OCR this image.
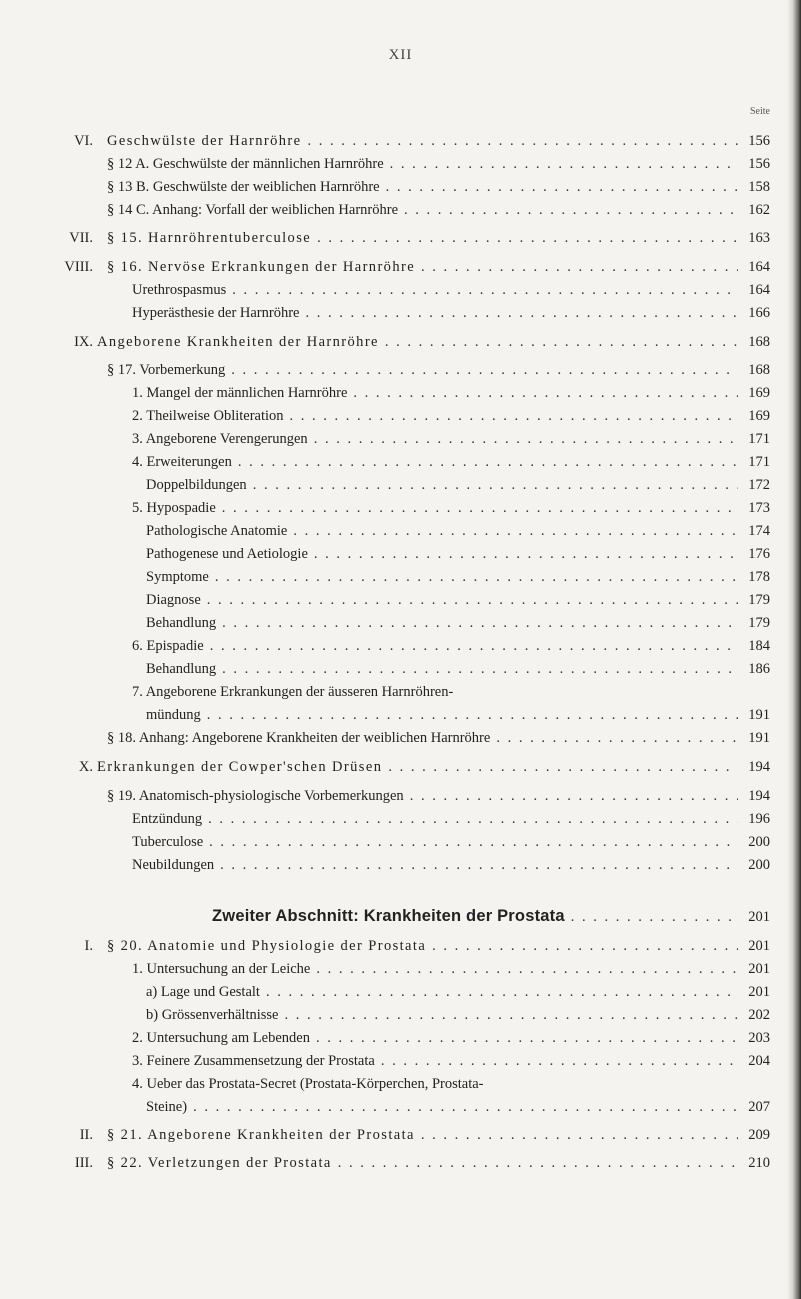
XII
Seite
VI. Geschwülste der Harnröhre . . .	156
§ 12 A. Geschwülste der männlichen Harnröhre . . .	156
§ 13 B. Geschwülste der weiblichen Harnröhre . . .	158
§ 14 C. Anhang: Vorfall der weiblichen Harnröhre . . .	162
VII. § 15. Harnröhrentuberculose . . .	163
VIII. § 16. Nervöse Erkrankungen der Harnröhre . . .	164
Urethrospasmus . . .	164
Hyperästhesie der Harnröhre . . .	166
IX. Angeborene Krankheiten der Harnröhre . . .	168
§ 17. Vorbemerkung . . .	168
1. Mangel der männlichen Harnröhre . . .	169
2. Theilweise Obliteration . . .	169
3. Angeborene Verengerungen . . .	171
4. Erweiterungen . . .	171
Doppelbildungen . . .	172
5. Hypospadie . . .	173
Pathologische Anatomie . . .	174
Pathogenese und Aetiologie . . .	176
Symptome . . .	178
Diagnose . . .	179
Behandlung . . .	179
6. Epispadie . . .	184
Behandlung . . .	186
7. Angeborene Erkrankungen der äusseren Harnröhren-
mündung . . .	191
§ 18. Anhang: Angeborene Krankheiten der weiblichen Harnröhre . . .	191
X. Erkrankungen der Cowper'schen Drüsen . . .	194
§ 19. Anatomisch-physiologische Vorbemerkungen . . .	194
Entzündung . . .	196
Tuberculose . . .	200
Neubildungen . . .	200
Zweiter Abschnitt: Krankheiten der Prostata . . .	201
I. § 20. Anatomie und Physiologie der Prostata . . .	201
1. Untersuchung an der Leiche . . .	201
a) Lage und Gestalt . . .	201
b) Grössenverhältnisse . . .	202
2. Untersuchung am Lebenden . . .	203
3. Feinere Zusammensetzung der Prostata . . .	204
4. Ueber das Prostata-Secret (Prostata-Körperchen, Prostata-
Steine) . . .	207
II. § 21. Angeborene Krankheiten der Prostata . . .	209
III. § 22. Verletzungen der Prostata . . .	210
